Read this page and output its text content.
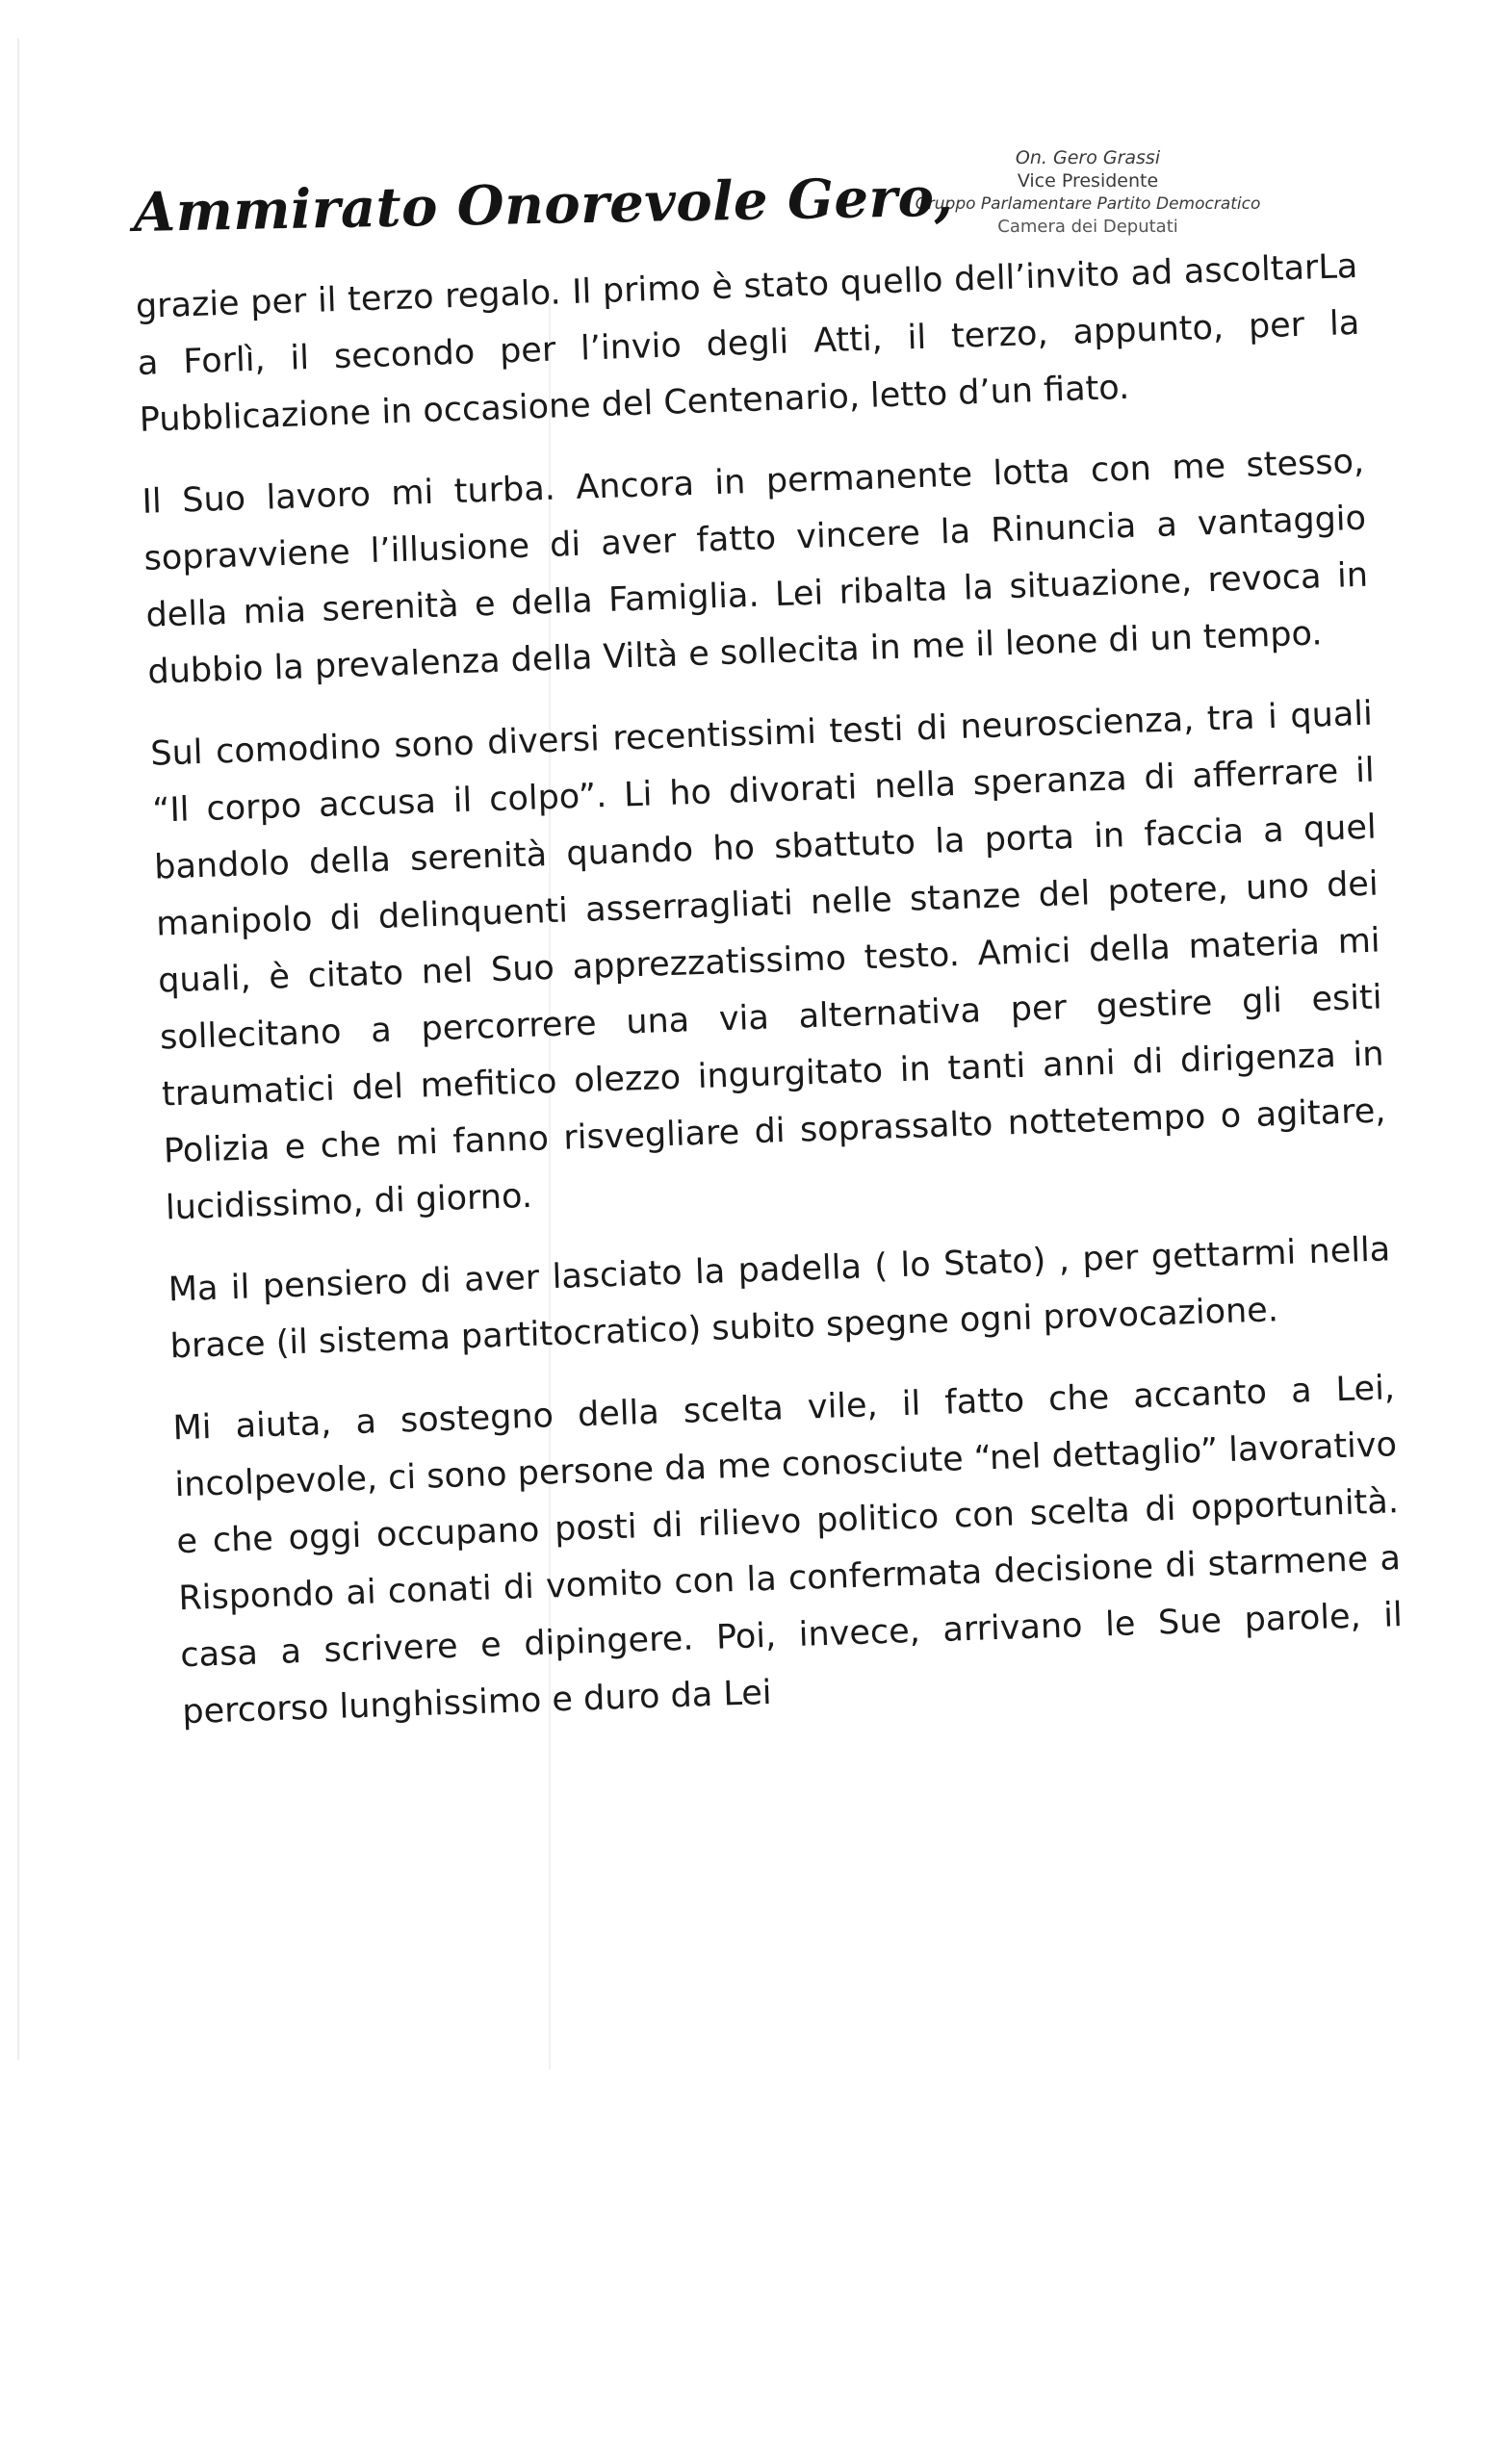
On. Gero Grassi
Vice Presidente
Gruppo Parlamentare Partito Democratico
Camera dei Deputati
Ammirato Onorevole Gero,

grazie per il terzo regalo. Il primo è stato quello dell’invito ad ascoltarLa a Forlì, il secondo per l’invio degli Atti, il terzo, appunto, per la Pubblicazione in occasione del Centenario, letto d’un fiato.

Il Suo lavoro mi turba. Ancora in permanente lotta con me stesso, sopravviene l’illusione di aver fatto vincere la Rinuncia a vantaggio della mia serenità e della Famiglia. Lei ribalta la situazione, revoca in dubbio la prevalenza della Viltà e sollecita in me il leone di un tempo.

Sul comodino sono diversi recentissimi testi di neuroscienza, tra i quali “Il corpo accusa il colpo”. Li ho divorati nella speranza di afferrare il bandolo della serenità quando ho sbattuto la porta in faccia a quel manipolo di delinquenti asserragliati nelle stanze del potere, uno dei quali, è citato nel Suo apprezzatissimo testo. Amici della materia mi sollecitano a percorrere una via alternativa per gestire gli esiti traumatici del mefitico olezzo ingurgitato in tanti anni di dirigenza in Polizia e che mi fanno risvegliare di soprassalto nottetempo o agitare, lucidissimo, di giorno.

Ma il pensiero di aver lasciato la padella ( lo Stato) , per gettarmi nella brace (il sistema partitocratico) subito spegne ogni provocazione.

Mi aiuta, a sostegno della scelta vile, il fatto che accanto a Lei, incolpevole, ci sono persone da me conosciute “nel dettaglio” lavorativo e che oggi occupano posti di rilievo politico con scelta di opportunità. Rispondo ai conati di vomito con la confermata decisione di starmene a casa a scrivere e dipingere. Poi, invece, arrivano le Sue parole, il percorso lunghissimo e duro da Lei
